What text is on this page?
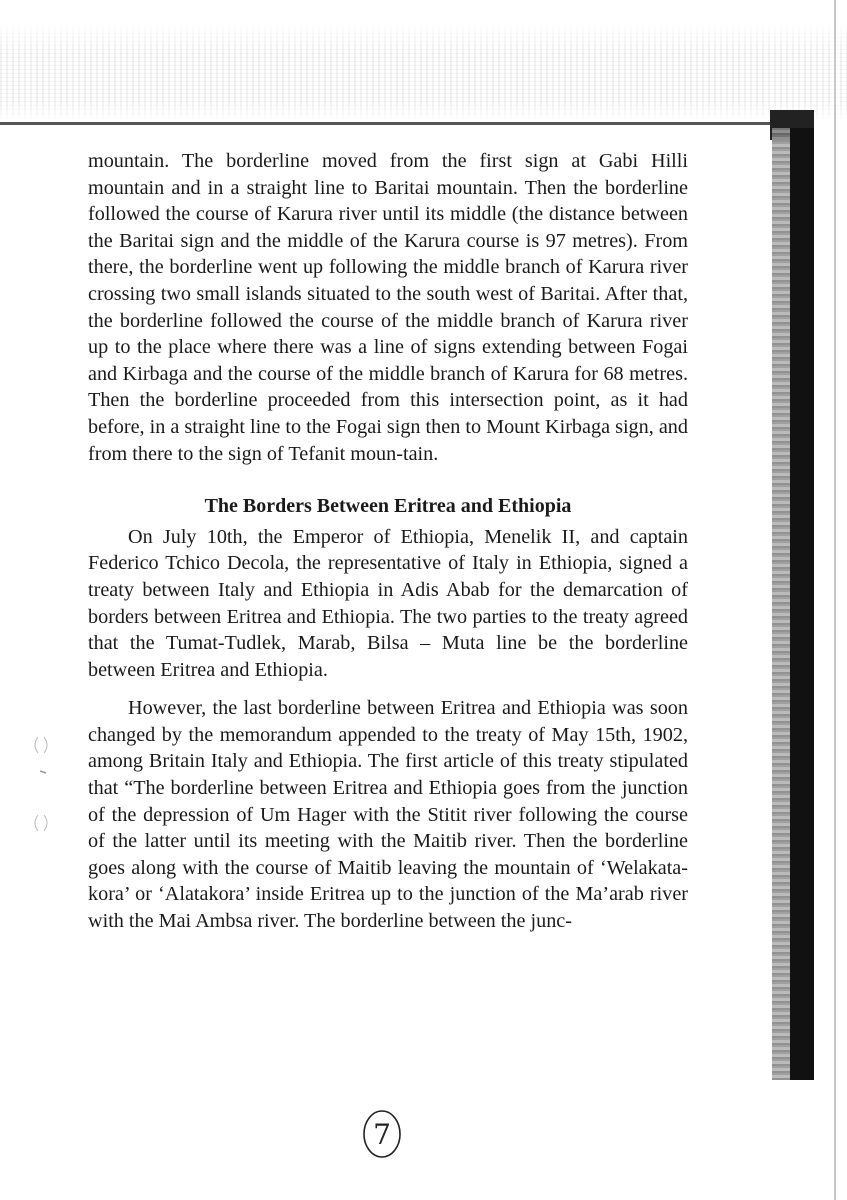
mountain. The borderline moved from the first sign at Gabi Hilli mountain and in a straight line to Baritai mountain. Then the borderline followed the course of Karura river until its middle (the distance between the Baritai sign and the middle of the Karura course is 97 metres). From there, the borderline went up following the middle branch of Karura river crossing two small islands situated to the south west of Baritai. After that, the borderline followed the course of the middle branch of Karura river up to the place where there was a line of signs extending between Fogai and Kirbaga and the course of the middle branch of Karura for 68 metres. Then the borderline proceeded from this intersection point, as it had before, in a straight line to the Fogai sign then to Mount Kirbaga sign, and from there to the sign of Tefanit moun-tain.

The Borders Between Eritrea and Ethiopia

On July 10th, the Emperor of Ethiopia, Menelik II, and captain Federico Tchico Decola, the representative of Italy in Ethiopia, signed a treaty between Italy and Ethiopia in Adis Abab for the demarcation of borders between Eritrea and Ethiopia. The two parties to the treaty agreed that the Tumat-Tudlek, Marab, Bilsa – Muta line be the borderline between Eritrea and Ethiopia.

However, the last borderline between Eritrea and Ethiopia was soon changed by the memorandum appended to the treaty of May 15th, 1902, among Britain Italy and Ethiopia. The first article of this treaty stipulated that “The borderline between Eritrea and Ethiopia goes from the junction of the depression of Um Hager with the Stitit river following the course of the latter until its meeting with the Maitib river. Then the borderline goes along with the course of Maitib leaving the mountain of ‘Welakata-kora’ or ‘Alatakora’ inside Eritrea up to the junction of the Ma’arab river with the Mai Ambsa river. The borderline between the junc-

7
